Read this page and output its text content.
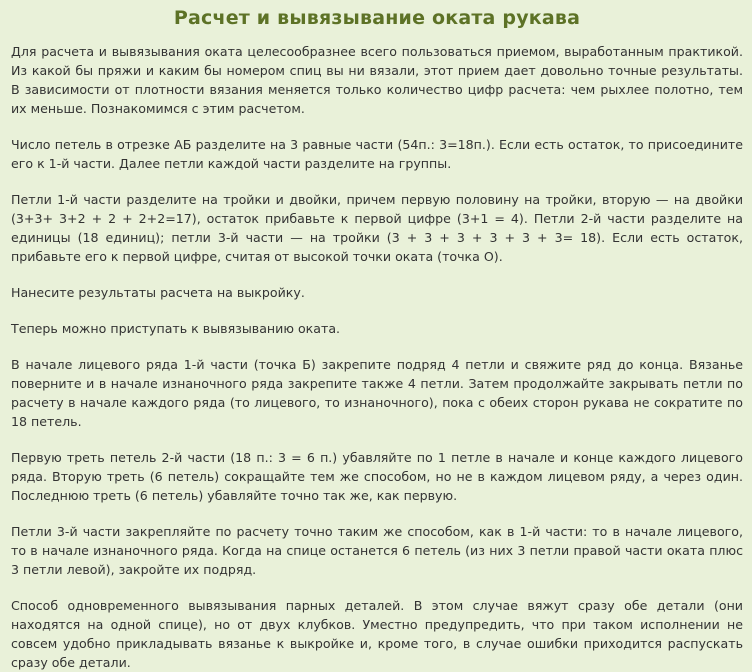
Расчет и вывязывание оката рукава

Для расчета и вывязывания оката целесообразнее всего пользоваться приемом, выработанным практикой. Из какой бы пряжи и каким бы номером спиц вы ни вязали, этот прием дает довольно точные результаты. В зависимости от плотности вязания меняется только количество цифр расчета: чем рыхлее полотно, тем их меньше. Познакомимся с этим расчетом.

Число петель в отрезке АБ разделите на 3 равные части (54п.: 3=18п.). Если есть остаток, то присоедините его к 1-й части. Далее петли каждой части разделите на группы.

Петли 1-й части разделите на тройки и двойки, причем первую половину на тройки, вторую — на двойки (3+3+ 3+2 + 2 + 2+2=17), остаток прибавьте к первой цифре (3+1 = 4). Петли 2-й части разделите на единицы (18 единиц); петли 3-й части — на тройки (3 + 3 + 3 + 3 + 3 + 3= 18). Если есть остаток, прибавьте его к первой цифре, считая от высокой точки оката (точка О).

Нанесите результаты расчета на выкройку.

Теперь можно приступать к вывязыванию оката.

В начале лицевого ряда 1-й части (точка Б) закрепите подряд 4 петли и свяжите ряд до конца. Вязанье поверните и в начале изнаночного ряда закрепите также 4 петли. Затем продолжайте закрывать петли по расчету в начале каждого ряда (то лицевого, то изнаночного), пока с обеих сторон рукава не сократите по 18 петель.

Первую треть петель 2-й части (18 п.: 3 = 6 п.) убавляйте по 1 петле в начале и конце каждого лицевого ряда. Вторую треть (6 петель) сокращайте тем же способом, но не в каждом лицевом ряду, а через один. Последнюю треть (6 петель) убавляйте точно так же, как первую.

Петли 3-й части закрепляйте по расчету точно таким же способом, как в 1-й части: то в начале лицевого, то в начале изнаночного ряда. Когда на спице останется 6 петель (из них 3 петли правой части оката плюс 3 петли левой), закройте их подряд.

Способ одновременного вывязывания парных деталей. В этом случае вяжут сразу обе детали (они находятся на одной спице), но от двух клубков. Уместно предупредить, что при таком исполнении не совсем удобно прикладывать вязанье к выкройке и, кроме того, в случае ошибки приходится распускать сразу обе детали.
